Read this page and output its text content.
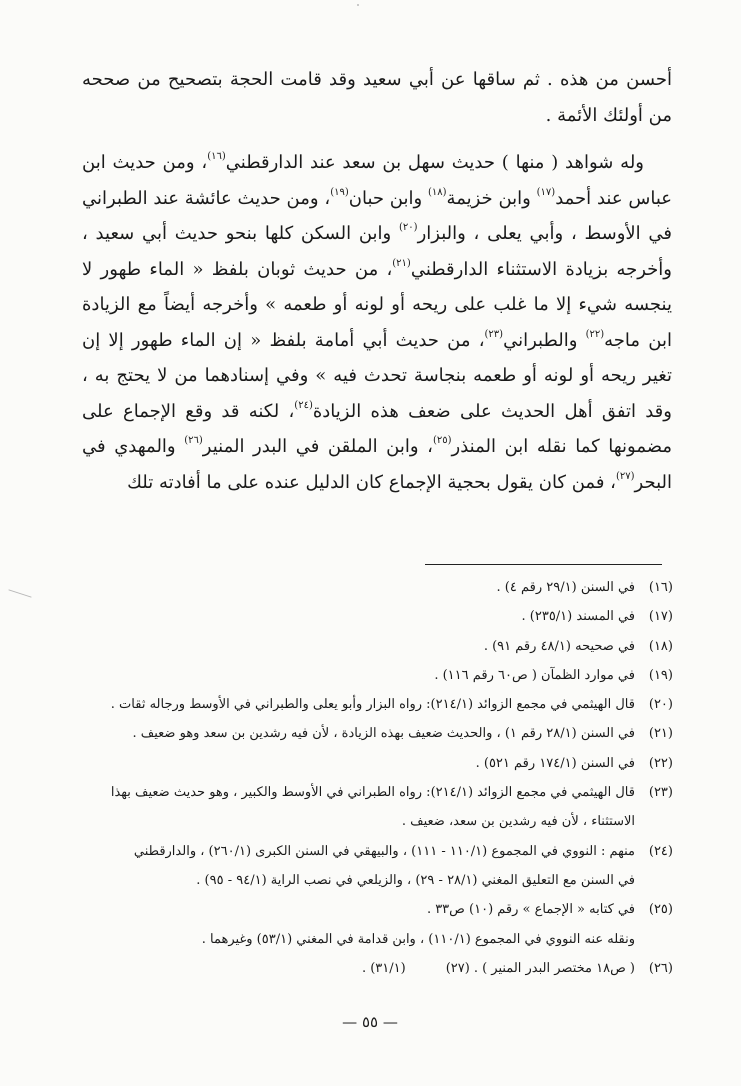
أحسن من هذه . ثم ساقها عن أبي سعيد وقد قامت الحجة بتصحيح من صححه من أولئك الأئمة .

وله شواهد ( منها ) حديث سهل بن سعد عند الدارقطني$^{(١٦)}$، ومن حديث ابن عباس عند أحمد$^{(١٧)}$ وابن خزيمة$^{(١٨)}$ وابن حبان$^{(١٩)}$، ومن حديث عائشة عند الطبراني في الأوسط ، وأبي يعلى ، والبزار$^{(٢٠)}$ وابن السكن كلها بنحو حديث أبي سعيد ، وأخرجه بزيادة الاستثناء الدارقطني$^{(٢١)}$، من حديث ثوبان بلفظ « الماء طهور لا ينجسه شيء إلا ما غلب على ريحه أو لونه أو طعمه » وأخرجه أيضاً مع الزيادة ابن ماجه$^{(٢٢)}$ والطبراني$^{(٢٣)}$، من حديث أبي أمامة بلفظ « إن الماء طهور إلا إن تغير ريحه أو لونه أو طعمه بنجاسة تحدث فيه » وفي إسنادهما من لا يحتج به ، وقد اتفق أهل الحديث على ضعف هذه الزيادة$^{(٢٤)}$، لكنه قد وقع الإجماع على مضمونها كما نقله ابن المنذر$^{(٢٥)}$، وابن الملقن في البدر المنير$^{(٢٦)}$ والمهدي في البحر$^{(٢٧)}$، فمن كان يقول بحجية الإجماع كان الدليل عنده على ما أفادته تلك

(١٦)
في السنن (٢٩/١ رقم ٤) .
(١٧)
في المسند (٢٣٥/١) .
(١٨)
في صحيحه (٤٨/١ رقم ٩١) .
(١٩)
في موارد الظمآن ( ص٦٠ رقم ١١٦) .
(٢٠)
قال الهيثمي في مجمع الزوائد (٢١٤/١): رواه البزار وأبو يعلى والطبراني في الأوسط ورجاله ثقات .
(٢١)
في السنن (٢٨/١ رقم ١) ، والحديث ضعيف بهذه الزيادة ، لأن فيه رشدين بن سعد وهو ضعيف .
(٢٢)
في السنن (١٧٤/١ رقم ٥٢١) .
(٢٣)
قال الهيثمي في مجمع الزوائد (٢١٤/١): رواه الطبراني في الأوسط والكبير ، وهو حديث ضعيف بهذا
الاستثناء ، لأن فيه رشدين بن سعد، ضعيف .
(٢٤)
منهم : النووي في المجموع (١١٠/١ - ١١١) ، والبيهقي في السنن الكبرى (٢٦٠/١) ، والدارقطني
في السنن مع التعليق المغني (٢٨/١ - ٢٩) ، والزيلعي في نصب الراية (٩٤/١ - ٩٥) .
(٢٥)
في كتابه « الإجماع » رقم (١٠) ص٣٣ .
ونقله عنه النووي في المجموع (١١٠/١) ، وابن قدامة في المغني (٥٣/١) وغيرهما .
(٢٦)
( ص١٨ مختصر البدر المنير ) .
(٢٧)
(٣١/١) .
— ٥٥ —
